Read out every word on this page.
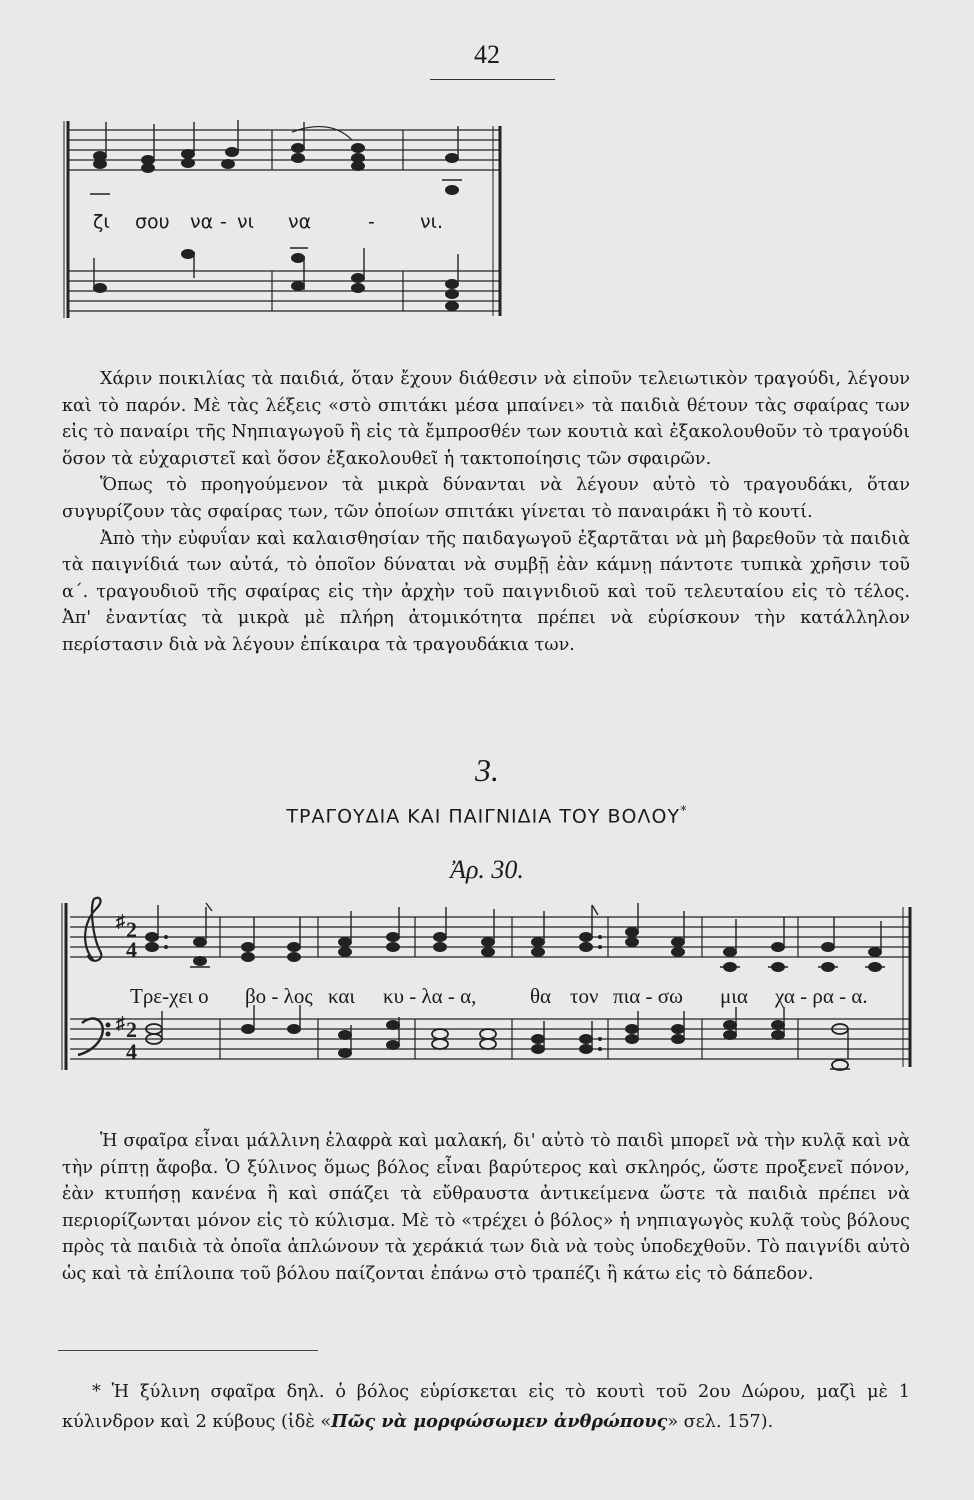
42
ζι σου να - νι να	- νι.

Χάριν ποικιλίας τὰ παιδιά, ὅταν ἔχουν διάθεσιν νὰ εἰποῦν τελειωτικὸν τραγούδι, λέγουν καὶ τὸ παρόν. Μὲ τὰς λέξεις «στὸ σπιτάκι μέσα μπαίνει» τὰ παιδιὰ θέτουν τὰς σφαίρας των εἰς τὸ παναίρι τῆς Νηπιαγωγοῦ ἢ εἰς τὰ ἔμπροσθέν των κουτιὰ καὶ ἐξακολουθοῦν τὸ τραγούδι ὅσον τὰ εὐχαριστεῖ καὶ ὅσον ἐξακολουθεῖ ἡ τακτοποίησις τῶν σφαιρῶν.

Ὅπως τὸ προηγούμενον τὰ μικρὰ δύνανται νὰ λέγουν αὐτὸ τὸ τραγουδάκι, ὅταν συγυρίζουν τὰς σφαίρας των, τῶν ὁποίων σπιτάκι γίνεται τὸ παναιράκι ἢ τὸ κουτί.

Ἀπὸ τὴν εὐφυΐαν καὶ καλαισθησίαν τῆς παιδαγωγοῦ ἐξαρτᾶται νὰ μὴ βαρεθοῦν τὰ παιδιὰ τὰ παιγνίδιά των αὐτά, τὸ ὁποῖον δύναται νὰ συμβῇ ἐὰν κάμνῃ πάντοτε τυπικὰ χρῆσιν τοῦ α΄. τραγουδιοῦ τῆς σφαίρας εἰς τὴν ἀρχὴν τοῦ παιγνιδιοῦ καὶ τοῦ τελευταίου εἰς τὸ τέλος. Ἀπ' ἐναντίας τὰ μικρὰ μὲ πλήρη ἀτομικότητα πρέπει νὰ εὑρίσκουν τὴν κατάλληλον περίστασιν διὰ νὰ λέγουν ἐπίκαιρα τὰ τραγουδάκια των.

3.
ΤΡΑΓΟΥΔΙΑ ΚΑΙ ΠΑΙΓΝΙΔΙΑ ΤΟΥ ΒΟΛΟΥ*
Ἀρ. 30.
♯
♯
2
4
2
4
Τρε-χει ο βο - λος και κυ - λα - α,	θα τον πια - σω μια χα - ρα - α.

Ἡ σφαῖρα εἶναι μάλλινη ἐλαφρὰ καὶ μαλακή, δι' αὐτὸ τὸ παιδὶ μπορεῖ νὰ τὴν κυλᾷ καὶ νὰ τὴν ρίπτῃ ἄφοβα. Ὁ ξύλινος ὅμως βόλος εἶναι βαρύτερος καὶ σκληρός, ὥστε προξενεῖ πόνον, ἐὰν κτυπήσῃ κανένα ἢ καὶ σπάζει τὰ εὔθραυστα ἀντικείμενα ὥστε τὰ παιδιὰ πρέπει νὰ περιορίζωνται μόνον εἰς τὸ κύλισμα. Μὲ τὸ «τρέχει ὁ βόλος» ἡ νηπιαγωγὸς κυλᾷ τοὺς βόλους πρὸς τὰ παιδιὰ τὰ ὁποῖα ἁπλώνουν τὰ χεράκιά των διὰ νὰ τοὺς ὑποδεχθοῦν. Τὸ παιγνίδι αὐτὸ ὡς καὶ τὰ ἐπίλοιπα τοῦ βόλου παίζονται ἐπάνω στὸ τραπέζι ἢ κάτω εἰς τὸ δάπεδον.

* Ἡ ξύλινη σφαῖρα δηλ. ὁ βόλος εὑρίσκεται εἰς τὸ κουτὶ τοῦ 2ου Δώρου, μαζὶ μὲ 1 κύλινδρον καὶ 2 κύβους (ἰδὲ «Πῶς νὰ μορφώσωμεν ἀνθρώπους» σελ. 157).
